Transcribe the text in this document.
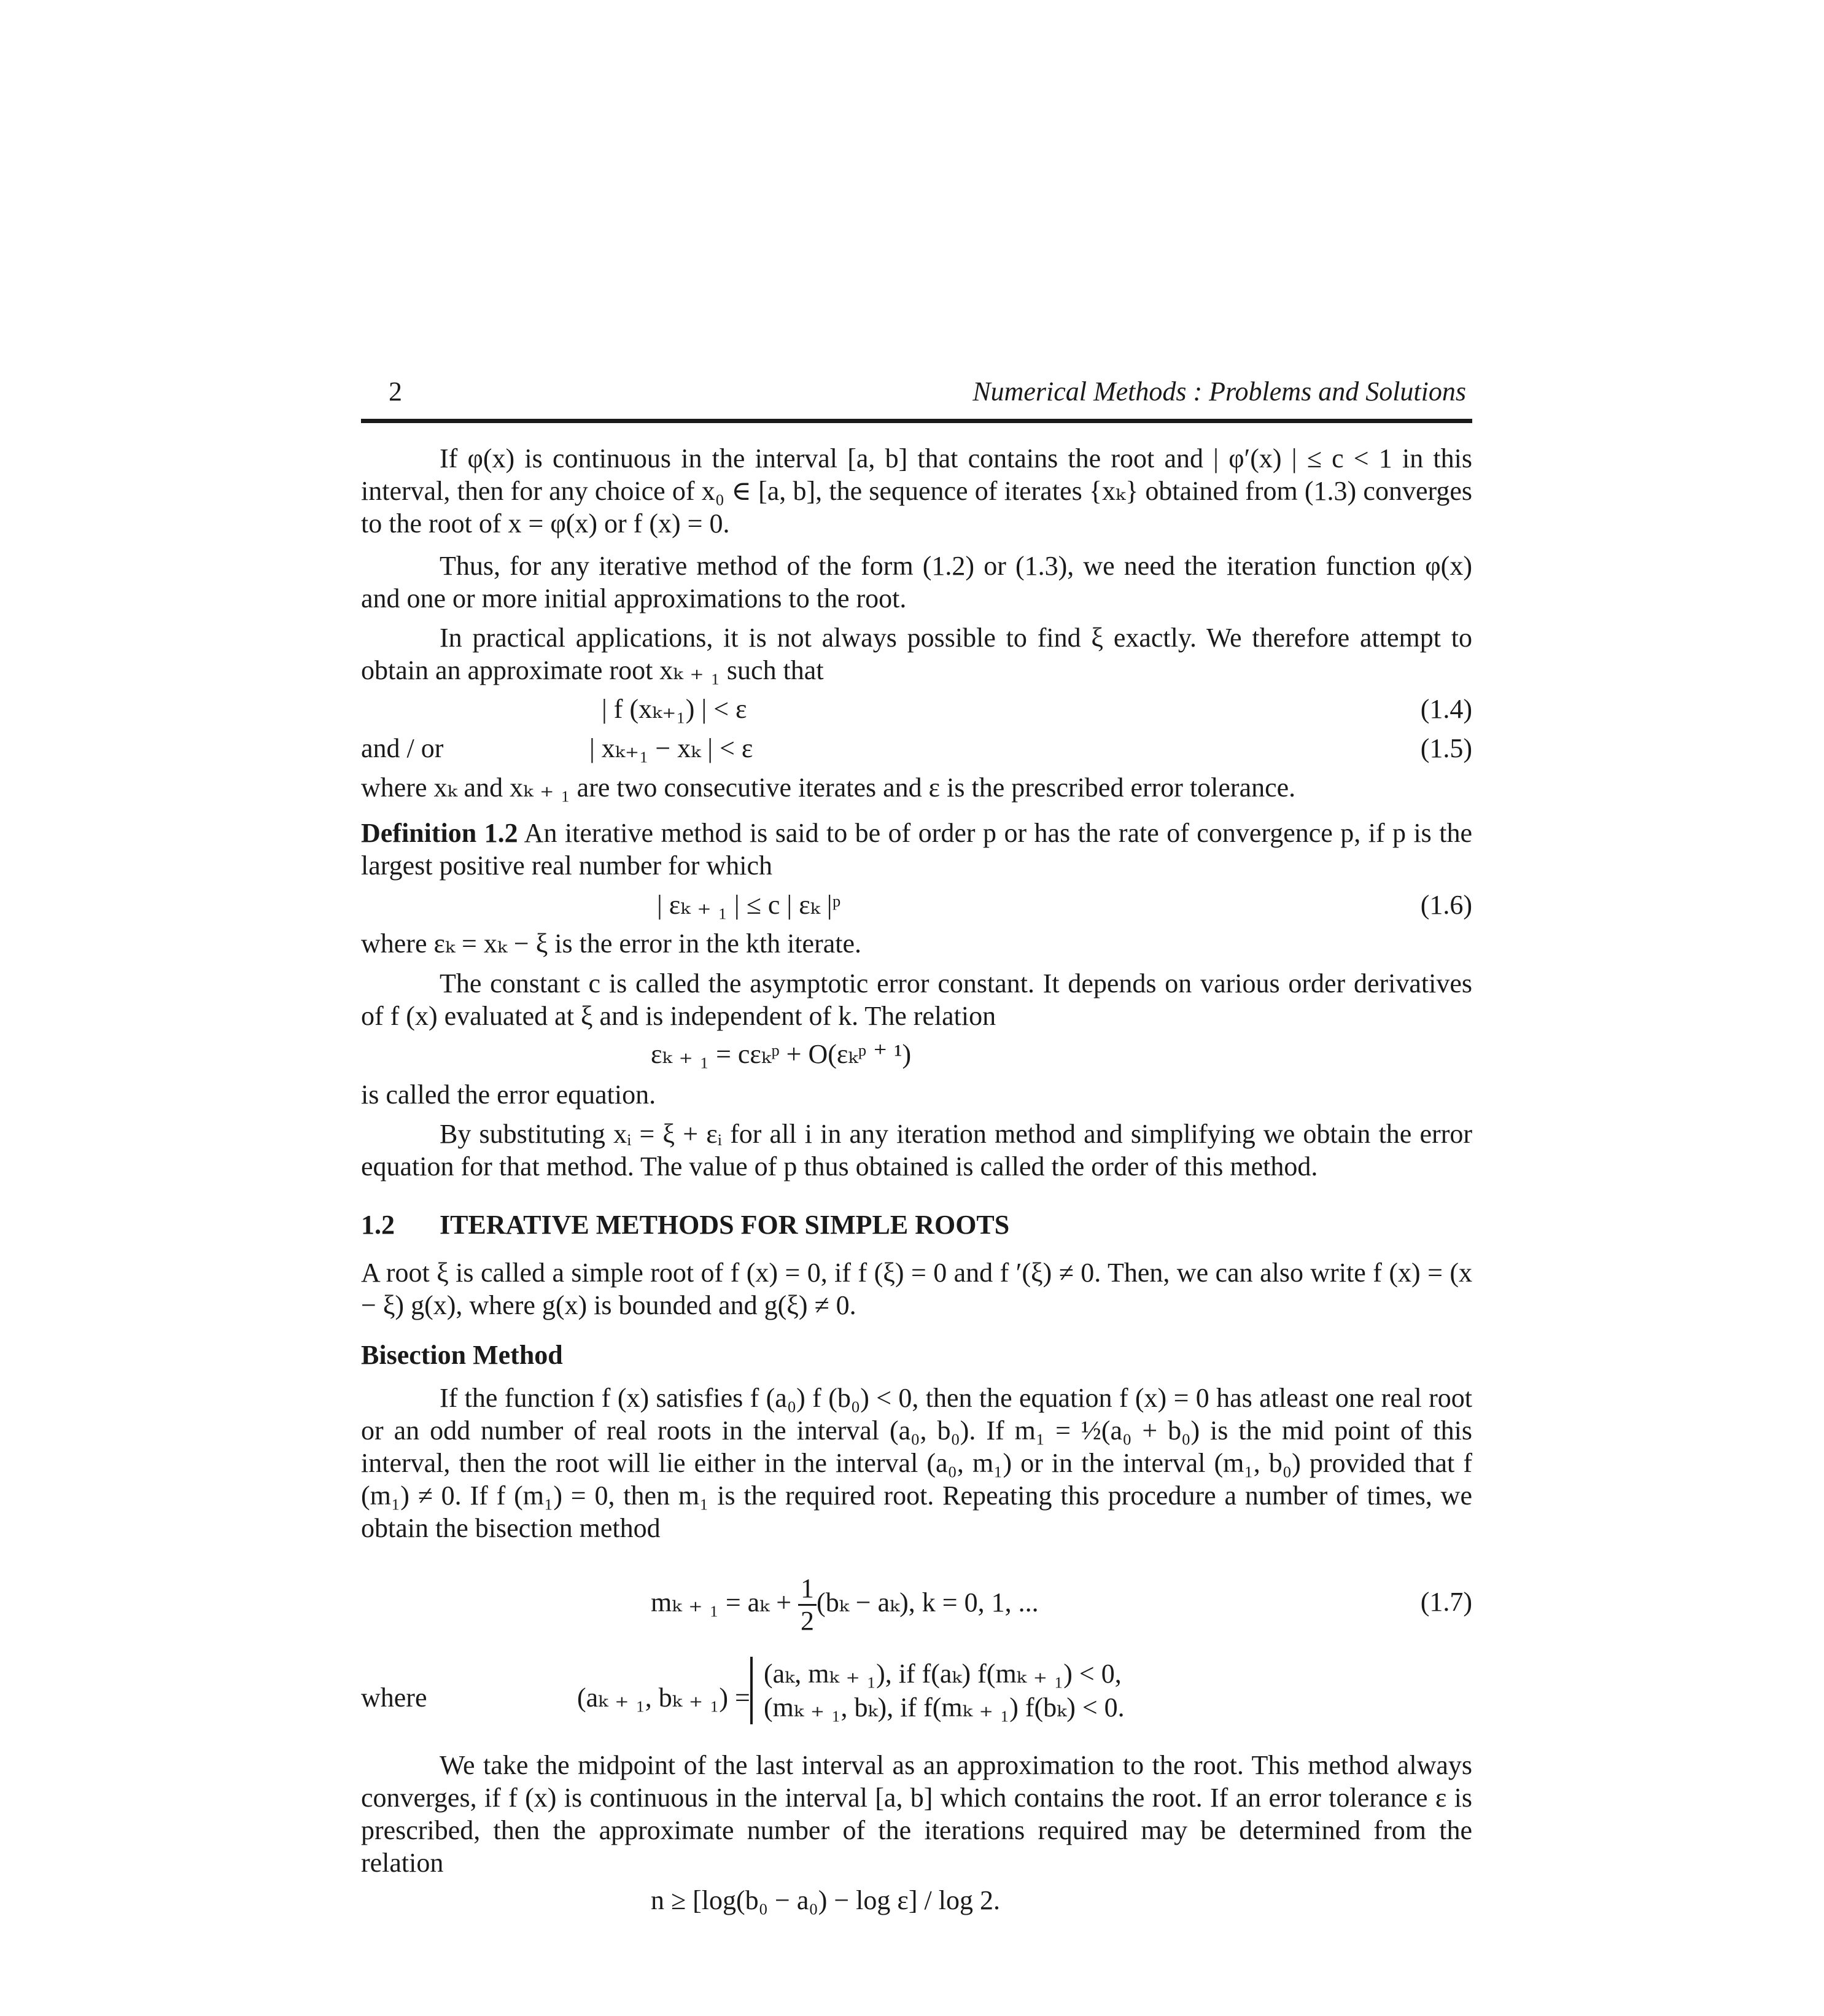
2	Numerical Methods : Problems and Solutions

If φ(x) is continuous in the interval [a, b] that contains the root and | φ′(x) | ≤ c < 1 in this interval, then for any choice of x₀ ∈ [a, b], the sequence of iterates {xₖ} obtained from (1.3) converges to the root of x = φ(x) or f (x) = 0.

Thus, for any iterative method of the form (1.2) or (1.3), we need the iteration function φ(x) and one or more initial approximations to the root.

In practical applications, it is not always possible to find ξ exactly. We therefore attempt to obtain an approximate root xₖ ₊ ₁ such that

| f (xₖ₊₁) | < ε	(1.4)
and / or	| xₖ₊₁ − xₖ | < ε	(1.5)

where xₖ and xₖ ₊ ₁ are two consecutive iterates and ε is the prescribed error tolerance.

Definition 1.2 An iterative method is said to be of order p or has the rate of convergence p, if p is the largest positive real number for which

| εₖ ₊ ₁ | ≤ c | εₖ |ᵖ	(1.6)

where εₖ = xₖ − ξ is the error in the kth iterate.

The constant c is called the asymptotic error constant. It depends on various order derivatives of f (x) evaluated at ξ and is independent of k. The relation

εₖ ₊ ₁ = cεₖᵖ + O(εₖᵖ ⁺ ¹)

is called the error equation.

By substituting xᵢ = ξ + εᵢ for all i in any iteration method and simplifying we obtain the error equation for that method. The value of p thus obtained is called the order of this method.

1.2 ITERATIVE METHODS FOR SIMPLE ROOTS

A root ξ is called a simple root of f (x) = 0, if f (ξ) = 0 and f ′(ξ) ≠ 0. Then, we can also write f (x) = (x − ξ) g(x), where g(x) is bounded and g(ξ) ≠ 0.

Bisection Method

If the function f (x) satisfies f (a₀) f (b₀) < 0, then the equation f (x) = 0 has atleast one real root or an odd number of real roots in the interval (a₀, b₀). If m₁ = ½(a₀ + b₀) is the mid point of this interval, then the root will lie either in the interval (a₀, m₁) or in the interval (m₁, b₀) provided that f (m₁) ≠ 0. If f (m₁) = 0, then m₁ is the required root. Repeating this procedure a number of times, we obtain the bisection method

mₖ ₊ $_1 = a_k + \frac{1}{2} (b_k - a_k)$, k = 0, 1, ...	(1.7)
where	(aₖ ₊ ₁, bₖ ₊ ₁) =
(aₖ, mₖ ₊ ₁), if f(aₖ) f(mₖ ₊ ₁) < 0,
(mₖ ₊ ₁, bₖ), if f(mₖ ₊ ₁) f(bₖ) < 0.

We take the midpoint of the last interval as an approximation to the root. This method always converges, if f (x) is continuous in the interval [a, b] which contains the root. If an error tolerance ε is prescribed, then the approximate number of the iterations required may be determined from the relation

n ≥ [log(b₀ − a₀) − log ε] / log 2.
